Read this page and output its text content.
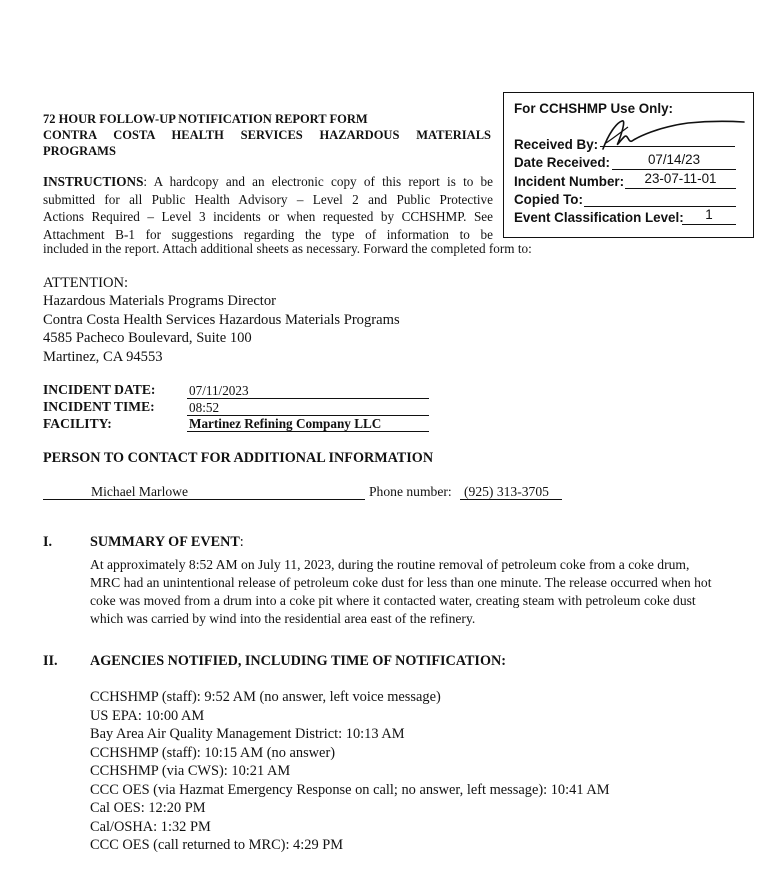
72 HOUR FOLLOW-UP NOTIFICATION REPORT FORM
CONTRA COSTA HEALTH SERVICES HAZARDOUS MATERIALS
PROGRAMS
INSTRUCTIONS: A hardcopy and an electronic copy of this report is to be
submitted for all Public Health Advisory – Level 2 and Public Protective
Actions Required – Level 3 incidents or when requested by CCHSHMP. See
Attachment B-1 for suggestions regarding the type of information to be
included in the report. Attach additional sheets as necessary. Forward the completed form to:
For CCHSHMP Use Only:
Received By:
Date Received:	07/14/23
Incident Number:	23-07-11-01
Copied To:
Event Classification Level:	1
ATTENTION:
Hazardous Materials Programs Director
Contra Costa Health Services Hazardous Materials Programs
4585 Pacheco Boulevard, Suite 100
Martinez, CA 94553
INCIDENT DATE:	07/11/2023
INCIDENT TIME:	08:52
FACILITY:	Martinez Refining Company LLC
PERSON TO CONTACT FOR ADDITIONAL INFORMATION
Michael Marlowe	Phone number: (925) 313-3705
I.	SUMMARY OF EVENT:
At approximately 8:52 AM on July 11, 2023, during the routine removal of petroleum coke from a coke drum,
MRC had an unintentional release of petroleum coke dust for less than one minute. The release occurred when hot
coke was moved from a drum into a coke pit where it contacted water, creating steam with petroleum coke dust
which was carried by wind into the residential area east of the refinery.
II. AGENCIES NOTIFIED, INCLUDING TIME OF NOTIFICATION:
CCHSHMP (staff): 9:52 AM (no answer, left voice message)
US EPA: 10:00 AM
Bay Area Air Quality Management District: 10:13 AM
CCHSHMP (staff): 10:15 AM (no answer)
CCHSHMP (via CWS): 10:21 AM
CCC OES (via Hazmat Emergency Response on call; no answer, left message): 10:41 AM
Cal OES: 12:20 PM
Cal/OSHA: 1:32 PM
CCC OES (call returned to MRC): 4:29 PM
